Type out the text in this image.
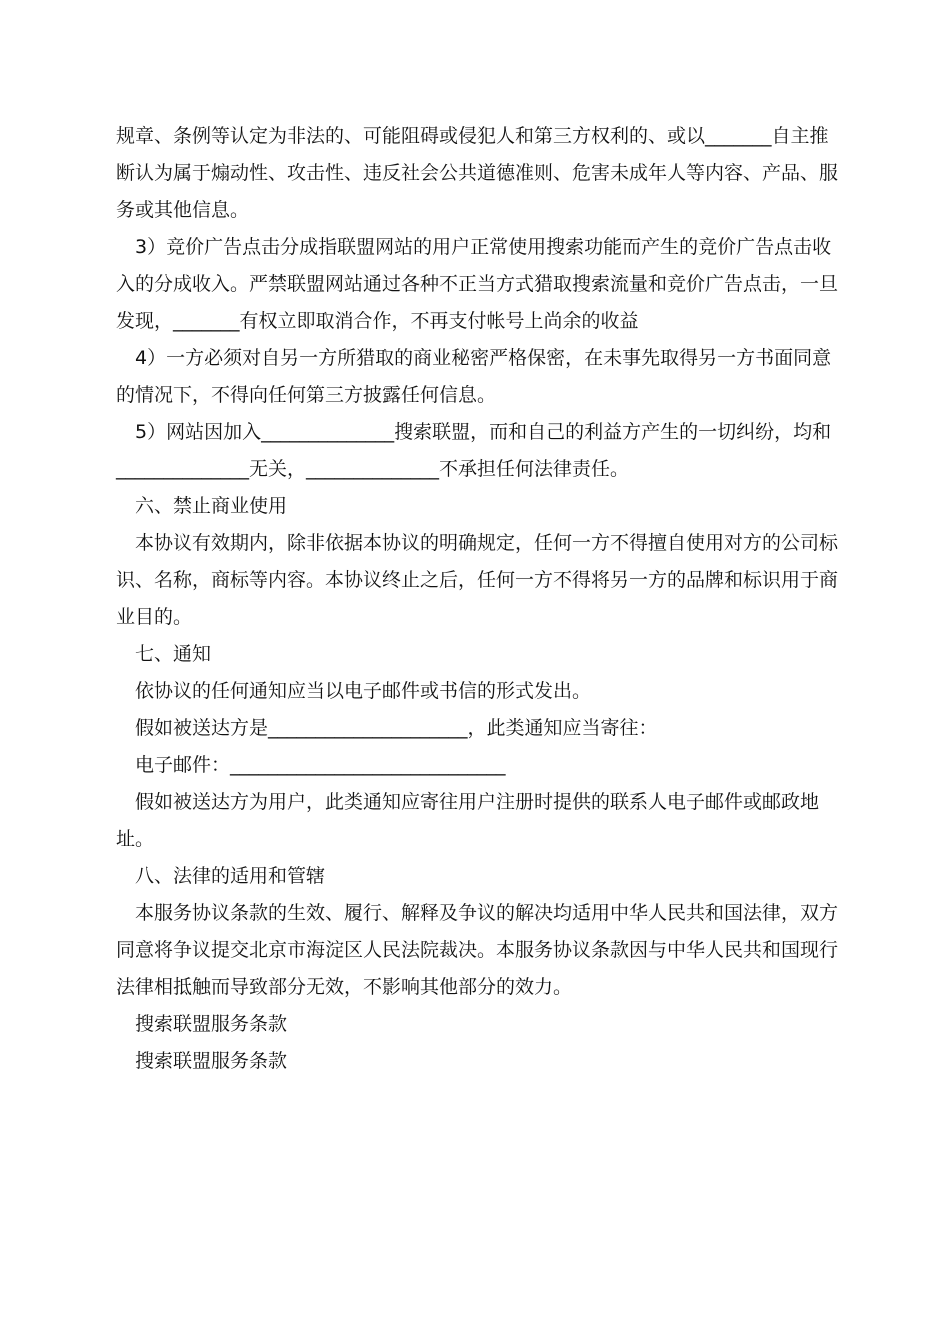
规章、条例等认定为非法的、可能阻碍或侵犯人和第三方权利的、或以_______自主推断认为属于煽动性、攻击性、违反社会公共道德准则、危害未成年人等内容、产品、服务或其他信息。

3）竞价广告点击分成指联盟网站的用户正常使用搜索功能而产生的竞价广告点击收入的分成收入。严禁联盟网站通过各种不正当方式猎取搜索流量和竞价广告点击，一旦发现，_______有权立即取消合作，不再支付帐号上尚余的收益

4）一方必须对自另一方所猎取的商业秘密严格保密，在未事先取得另一方书面同意的情况下，不得向任何第三方披露任何信息。

5）网站因加入______________搜索联盟，而和自己的利益方产生的一切纠纷，均和______________无关，______________不承担任何法律责任。

六、禁止商业使用

本协议有效期内，除非依据本协议的明确规定，任何一方不得擅自使用对方的公司标识、名称，商标等内容。本协议终止之后，任何一方不得将另一方的品牌和标识用于商业目的。

七、通知

依协议的任何通知应当以电子邮件或书信的形式发出。

假如被送达方是_____________________，此类通知应当寄往：

电子邮件：_____________________________

假如被送达方为用户，此类通知应寄往用户注册时提供的联系人电子邮件或邮政地址。

八、法律的适用和管辖

本服务协议条款的生效、履行、解释及争议的解决均适用中华人民共和国法律，双方同意将争议提交北京市海淀区人民法院裁决。本服务协议条款因与中华人民共和国现行法律相抵触而导致部分无效，不影响其他部分的效力。

搜索联盟服务条款

搜索联盟服务条款
